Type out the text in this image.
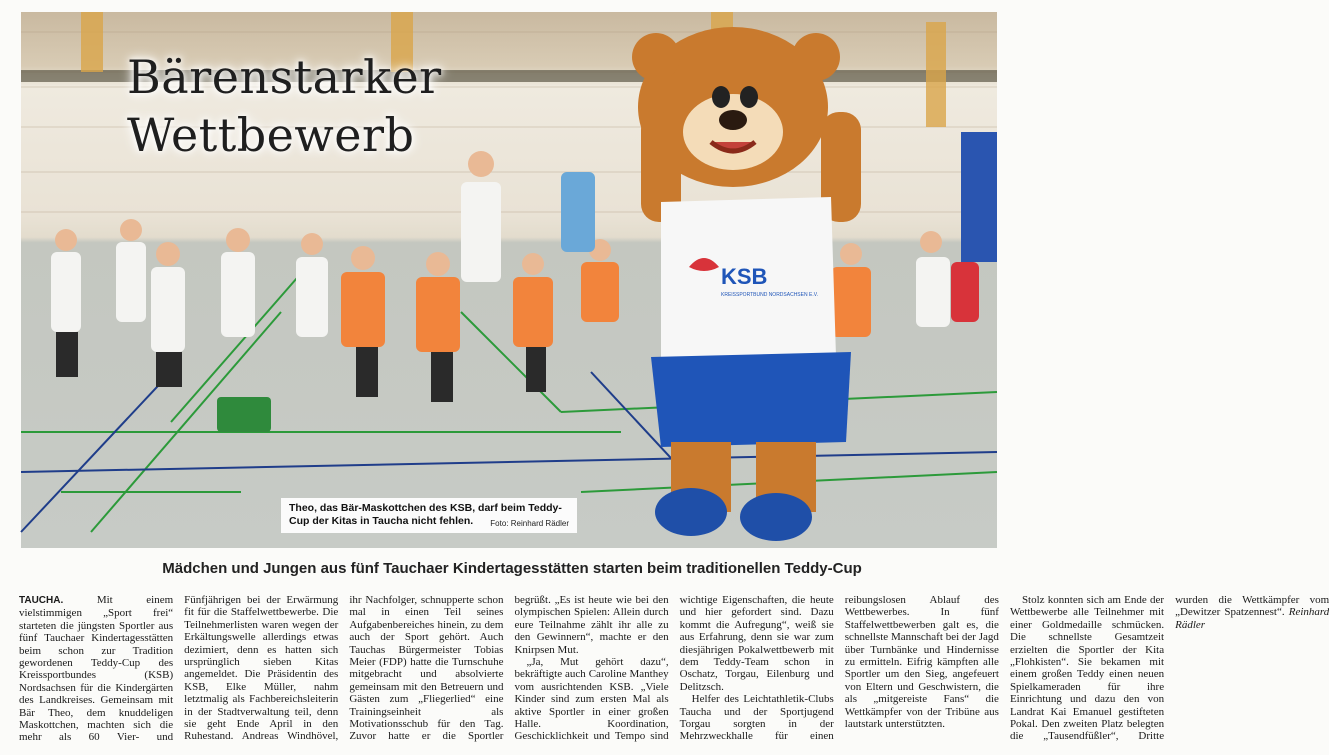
KSB
KREISSPORTBUND NORDSACHSEN E.V.
Bärenstarker
Wettbewerb
Theo, das Bär-Maskottchen des KSB, darf beim Teddy-Cup der Kitas in Taucha nicht fehlen.	Foto: Reinhard Rädler
Mädchen und Jungen aus fünf Tauchaer Kindertagesstätten starten beim traditionellen Teddy-Cup

TAUCHA.	Mit einem vielstimmigen „Sport frei“ starteten die jüngsten Sportler aus fünf Tauchaer Kindertagesstätten beim schon zur Tradition gewordenen Teddy-Cup des Kreissportbundes (KSB) Nordsachsen für die Kindergärten des Landkreises. Gemeinsam mit Bär Theo, dem knuddeligen Maskottchen, machten sich die mehr als 60 Vier- und Fünfjährigen bei der Erwärmung fit für die Staffelwettbewerbe. Die Teilnehmerlisten waren wegen der Erkältungswelle allerdings etwas dezimiert, denn es hatten sich ursprünglich sieben Kitas angemeldet. Die Präsidentin des KSB, Elke Müller, nahm letztmalig als Fachbereichsleiterin in der Stadtverwaltung teil, denn sie geht Ende April in den Ruhestand. Andreas Windhövel, ihr Nachfolger, schnupperte schon mal in einen Teil seines Aufgabenbereiches hinein, zu dem auch der Sport gehört. Auch Tauchas Bürgermeister Tobias Meier (FDP) hatte die Turnschuhe mitgebracht und absolvierte gemeinsam mit den Betreuern und Gästen zum „Fliegerlied“ eine Trainingseinheit als Motivationsschub für den Tag. Zuvor hatte er die Sportler begrüßt. „Es ist heute wie bei den olympischen Spielen: Allein durch eure Teilnahme zählt ihr alle zu den Gewinnern“, machte er den Knirpsen Mut.

„Ja, Mut gehört dazu“, bekräftigte auch Caroline Manthey vom ausrichtenden KSB. „Viele Kinder sind zum ersten Mal als aktive Sportler in einer großen Halle. Koordination, Geschicklichkeit und Tempo sind wichtige Eigenschaften, die heute und hier gefordert sind. Dazu kommt die Aufregung“, weiß sie aus Erfahrung, denn sie war zum diesjährigen Pokalwettbewerb mit dem Teddy-Team schon in Oschatz, Torgau, Eilenburg und Delitzsch.

Helfer des Leichtathletik-Clubs Taucha und der Sportjugend Torgau sorgten in der Mehrzweckhalle für einen reibungslosen Ablauf des Wettbewerbes. In fünf Staffelwettbewerben galt es, die schnellste Mannschaft bei der Jagd über Turnbänke und Hindernisse zu ermitteln. Eifrig kämpften alle Sportler um den Sieg, angefeuert von Eltern und Geschwistern, die als „mitgereiste Fans“ die Wettkämpfer von der Tribüne aus lautstark unterstützten.

Stolz konnten sich am Ende der Wettbewerbe alle Teilnehmer mit einer Goldmedaille schmücken. Die schnellste Gesamtzeit erzielten die Sportler der Kita „Flohkisten“. Sie bekamen mit einem großen Teddy einen neuen Spielkameraden für ihre Einrichtung und dazu den von Landrat Kai Emanuel gestifteten Pokal. Den zweiten Platz belegten die „Tausendfüßler“, Dritte wurden die Wettkämpfer vom „Dewitzer Spatzennest“. Reinhard Rädler
